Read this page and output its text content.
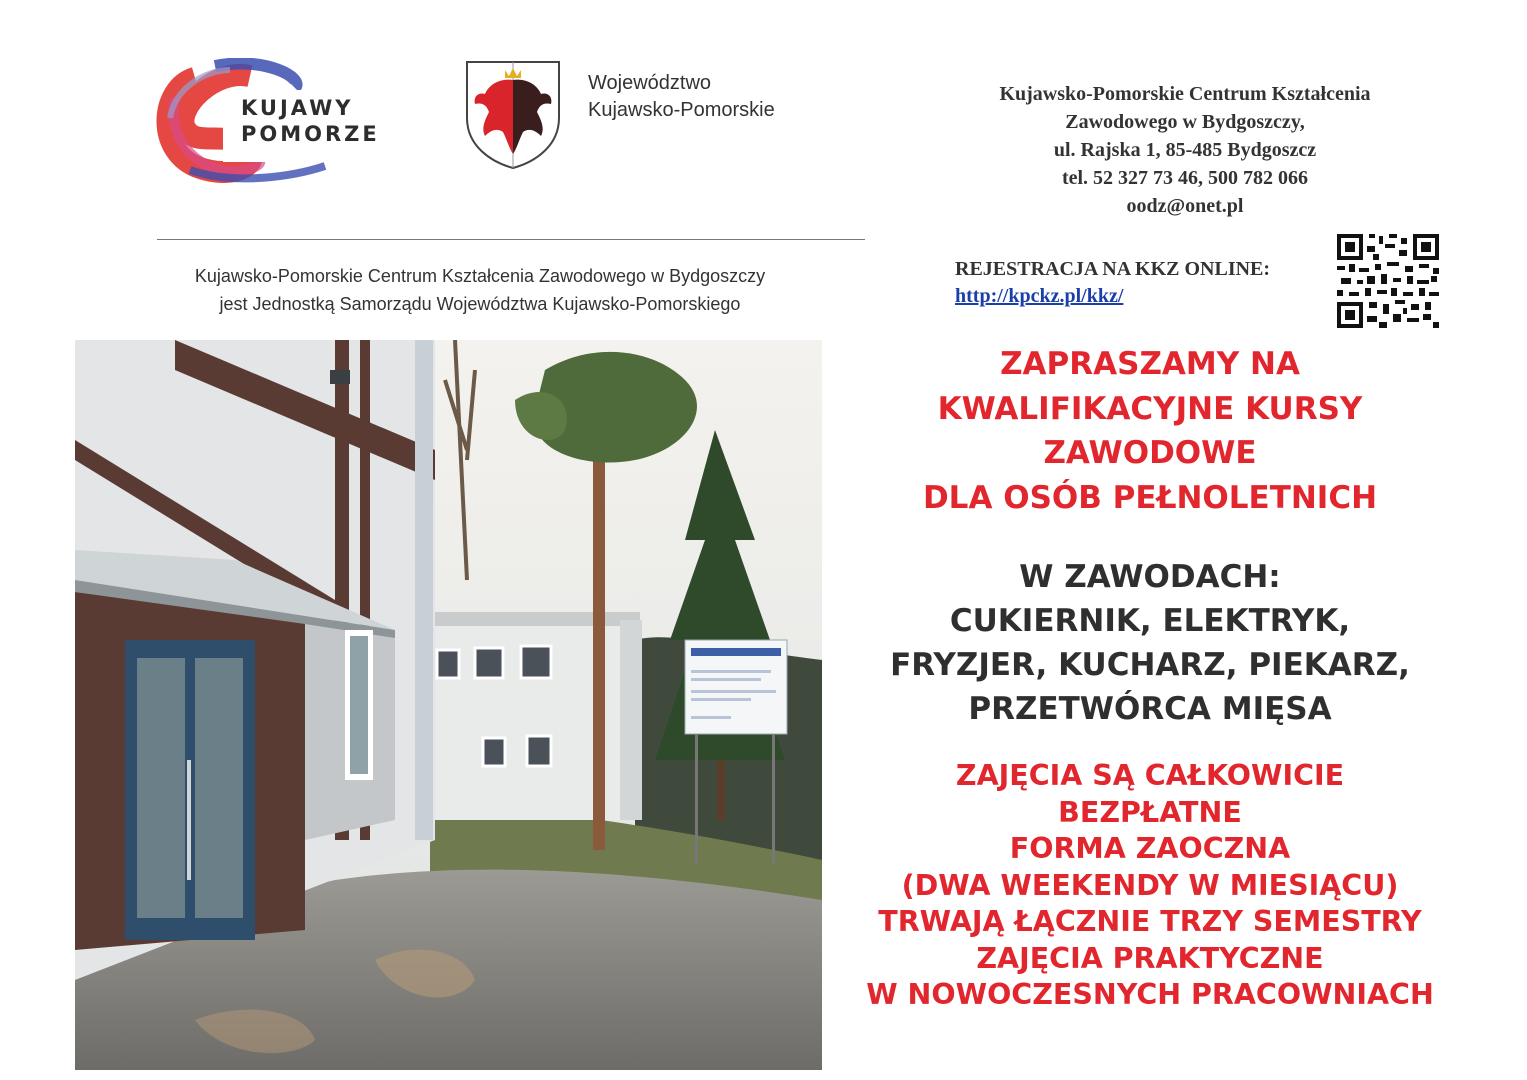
KUJAWY
POMORZE
Województwo
Kujawsko-Pomorskie
Kujawsko-Pomorskie Centrum Kształcenia
Zawodowego w Bydgoszczy,
ul. Rajska 1, 85-485 Bydgoszcz
tel. 52 327 73 46, 500 782 066
oodz@onet.pl
Kujawsko-Pomorskie Centrum Kształcenia Zawodowego w Bydgoszczy
jest Jednostką Samorządu Województwa Kujawsko-Pomorskiego
REJESTRACJA NA KKZ ONLINE:
http://kpckz.pl/kkz/
ZAPRASZAMY NA
KWALIFIKACYJNE KURSY
ZAWODOWE
DLA OSÓB PEŁNOLETNICH
W ZAWODACH:
CUKIERNIK, ELEKTRYK,
FRYZJER, KUCHARZ, PIEKARZ,
PRZETWÓRCA MIĘSA
ZAJĘCIA SĄ CAŁKOWICIE
BEZPŁATNE
FORMA ZAOCZNA
(DWA WEEKENDY W MIESIĄCU)
TRWAJĄ ŁĄCZNIE TRZY SEMESTRY
ZAJĘCIA PRAKTYCZNE
W NOWOCZESNYCH PRACOWNIACH
